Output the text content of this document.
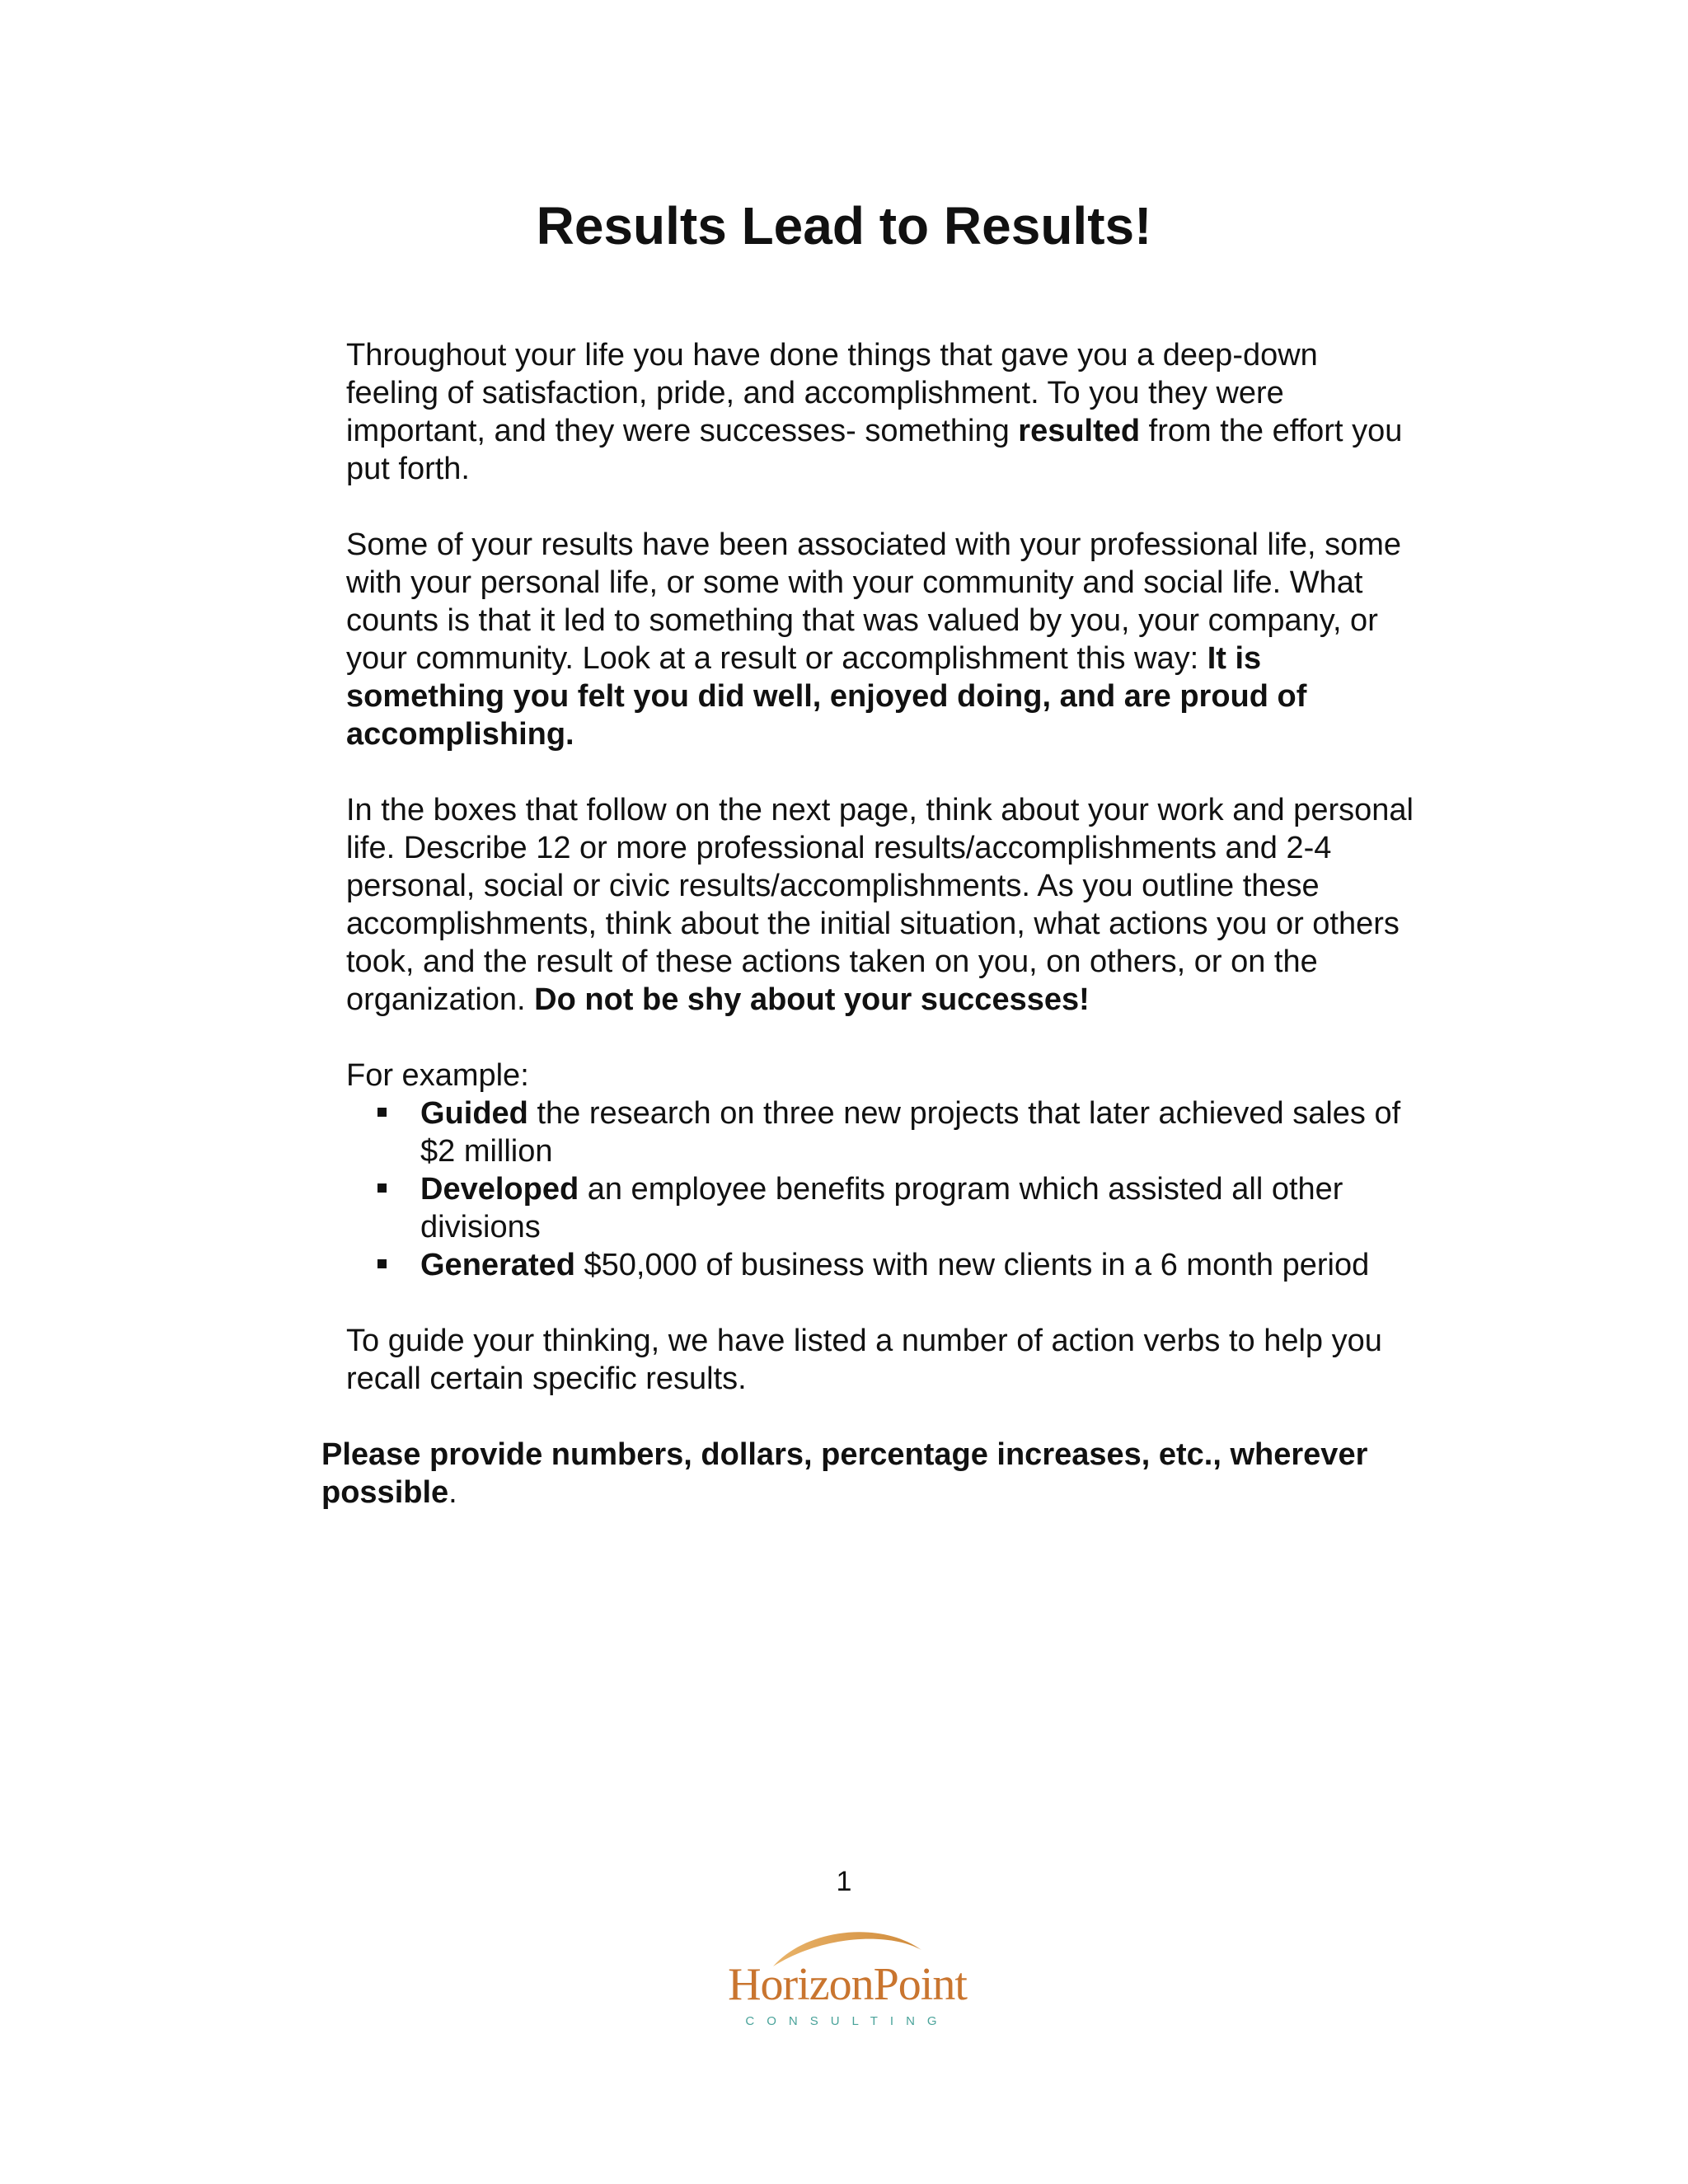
Results Lead to Results!

Throughout your life you have done things that gave you a deep-down feeling of satisfaction, pride, and accomplishment. To you they were important, and they were successes- something resulted from the effort you put forth.

Some of your results have been associated with your professional life, some with your personal life, or some with your community and social life. What counts is that it led to something that was valued by you, your company, or your community. Look at a result or accomplishment this way: It is something you felt you did well, enjoyed doing, and are proud of accomplishing.

In the boxes that follow on the next page, think about your work and personal life. Describe 12 or more professional results/accomplishments and 2-4 personal, social or civic results/accomplishments. As you outline these accomplishments, think about the initial situation, what actions you or others took, and the result of these actions taken on you, on others, or on the organization. Do not be shy about your successes!

For example:
Guided the research on three new projects that later achieved sales of $2 million
Developed an employee benefits program which assisted all other divisions
Generated $50,000 of business with new clients in a 6 month period

To guide your thinking, we have listed a number of action verbs to help you recall certain specific results.

Please provide numbers, dollars, percentage increases, etc., wherever possible.
1
HorizonPoint
CONSULTING
